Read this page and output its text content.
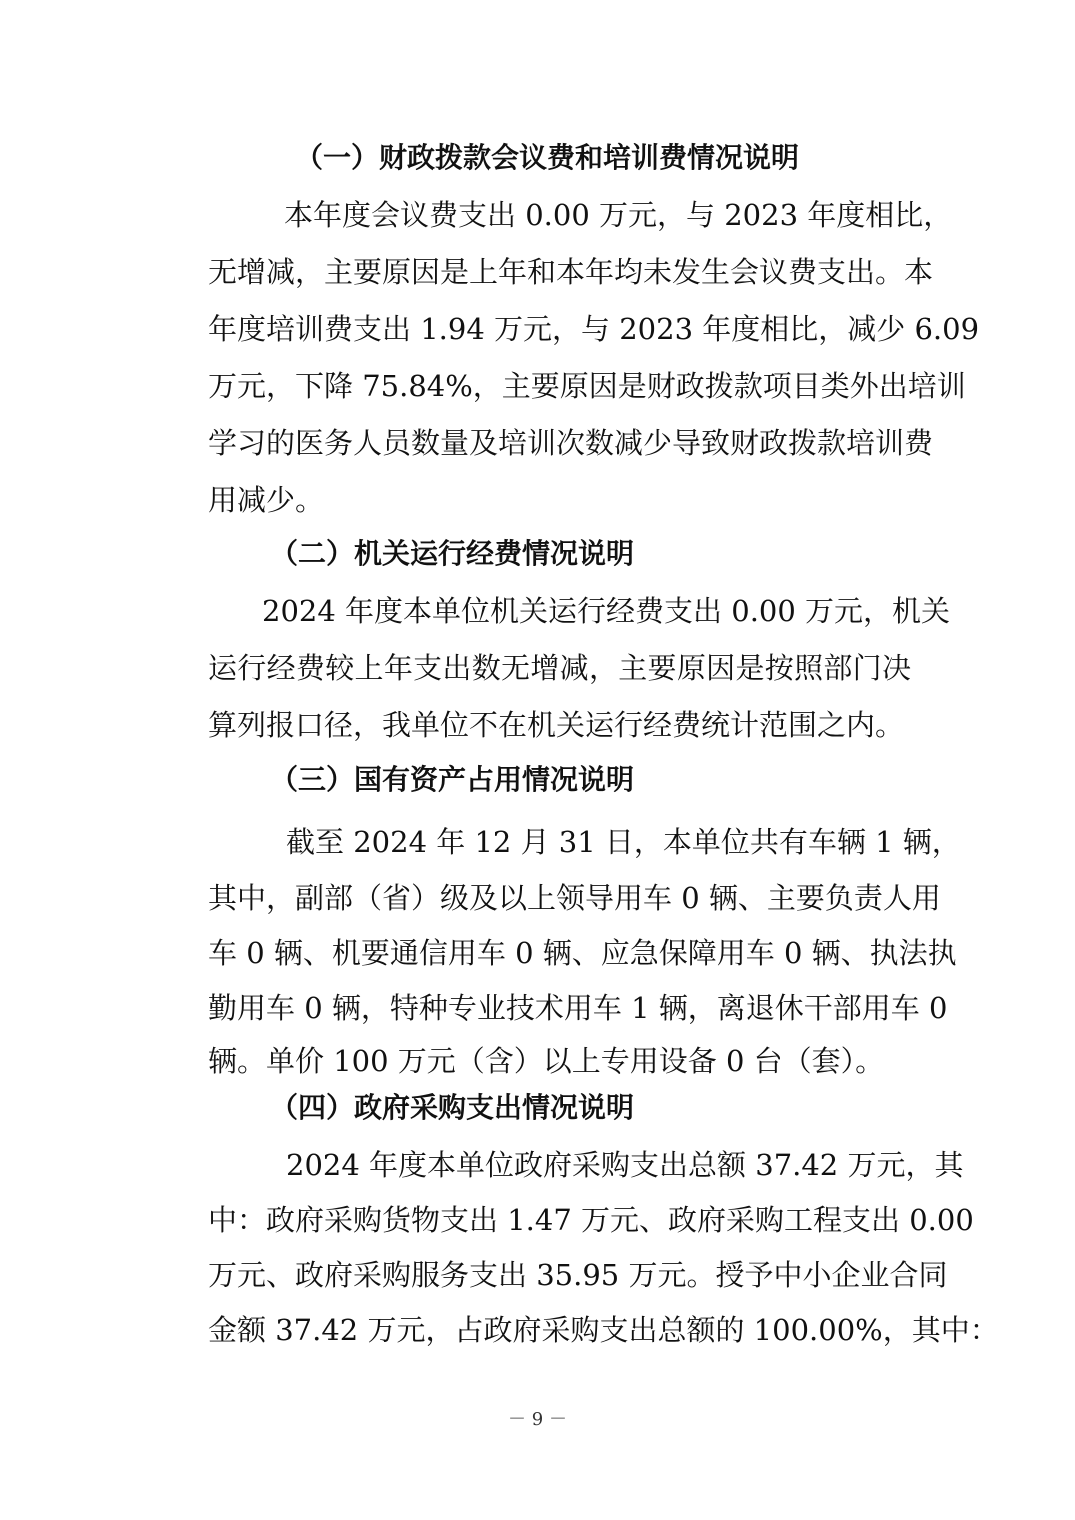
（一）财政拨款会议费和培训费情况说明
本年度会议费支出 0.00 万元，与 2023 年度相比，
无增减，主要原因是上年和本年均未发生会议费支出。本
年度培训费支出 1.94 万元，与 2023 年度相比，减少 6.09
万元，下降 75.84%，主要原因是财政拨款项目类外出培训
学习的医务人员数量及培训次数减少导致财政拨款培训费
用减少。
（二）机关运行经费情况说明
2024 年度本单位机关运行经费支出 0.00 万元，机关
运行经费较上年支出数无增减，主要原因是按照部门决
算列报口径，我单位不在机关运行经费统计范围之内。
（三）国有资产占用情况说明
截至 2024 年 12 月 31 日，本单位共有车辆 1 辆，
其中，副部（省）级及以上领导用车 0 辆、主要负责人用
车 0 辆、机要通信用车 0 辆、应急保障用车 0 辆、执法执
勤用车 0 辆，特种专业技术用车 1 辆，离退休干部用车 0
辆。单价 100 万元（含）以上专用设备 0 台（套）。
（四）政府采购支出情况说明
2024 年度本单位政府采购支出总额 37.42 万元，其
中：政府采购货物支出 1.47 万元、政府采购工程支出 0.00
万元、政府采购服务支出 35.95 万元。授予中小企业合同
金额 37.42 万元，占政府采购支出总额的 100.00%，其中：
－ 9 －
